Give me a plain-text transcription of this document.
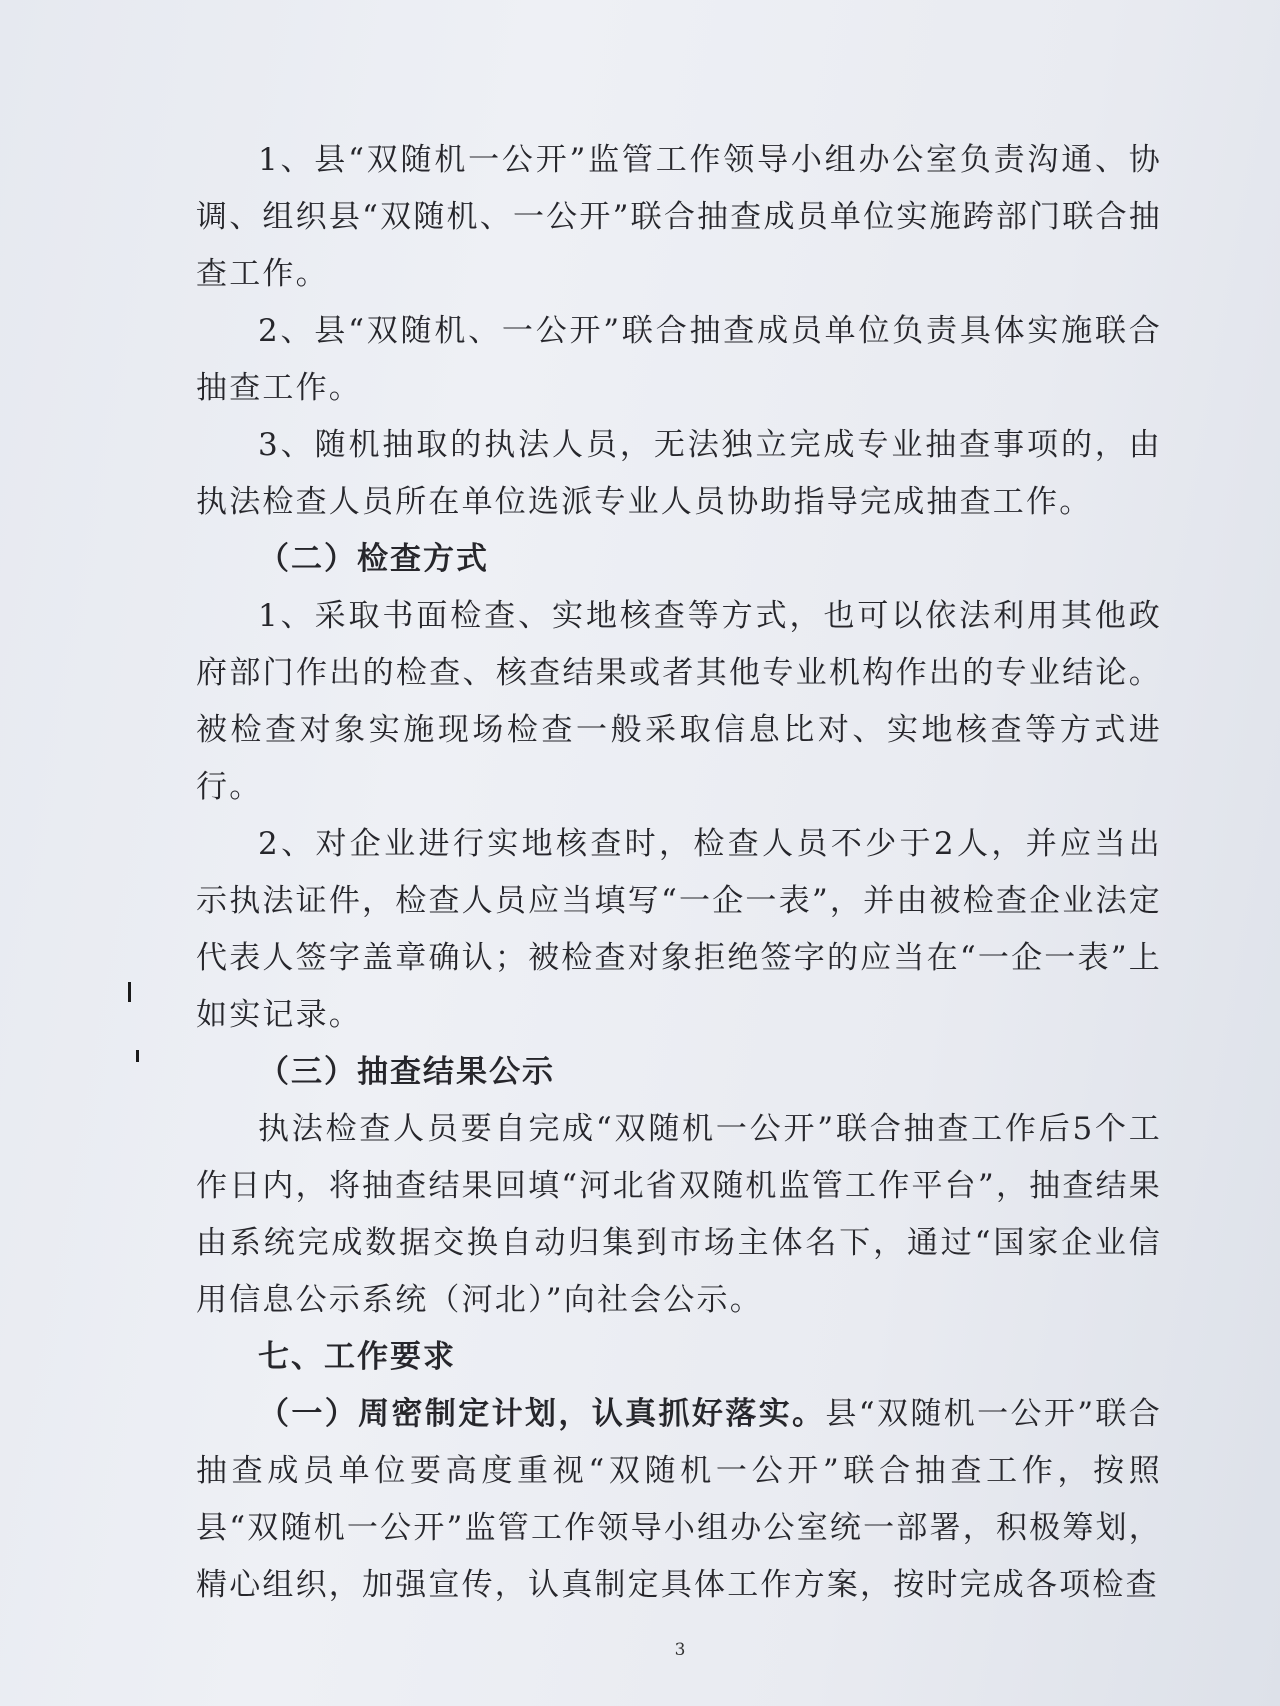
1、县“双随机一公开”监管工作领导小组办公室负责沟通、协调、组织县“双随机、一公开”联合抽查成员单位实施跨部门联合抽查工作。

2、县“双随机、一公开”联合抽查成员单位负责具体实施联合抽查工作。

3、随机抽取的执法人员，无法独立完成专业抽查事项的，由执法检查人员所在单位选派专业人员协助指导完成抽查工作。

（二）检查方式

1、采取书面检查、实地核查等方式，也可以依法利用其他政府部门作出的检查、核查结果或者其他专业机构作出的专业结论。被检查对象实施现场检查一般采取信息比对、实地核查等方式进行。

2、对企业进行实地核查时，检查人员不少于2人，并应当出示执法证件，检查人员应当填写“一企一表”，并由被检查企业法定代表人签字盖章确认；被检查对象拒绝签字的应当在“一企一表”上如实记录。

（三）抽查结果公示

执法检查人员要自完成“双随机一公开”联合抽查工作后5个工作日内，将抽查结果回填“河北省双随机监管工作平台”，抽查结果由系统完成数据交换自动归集到市场主体名下，通过“国家企业信用信息公示系统（河北）”向社会公示。

七、工作要求

（一）周密制定计划，认真抓好落实。县“双随机一公开”联合抽查成员单位要高度重视“双随机一公开”联合抽查工作，按照县“双随机一公开”监管工作领导小组办公室统一部署，积极筹划，精心组织，加强宣传，认真制定具体工作方案，按时完成各项检查

3
